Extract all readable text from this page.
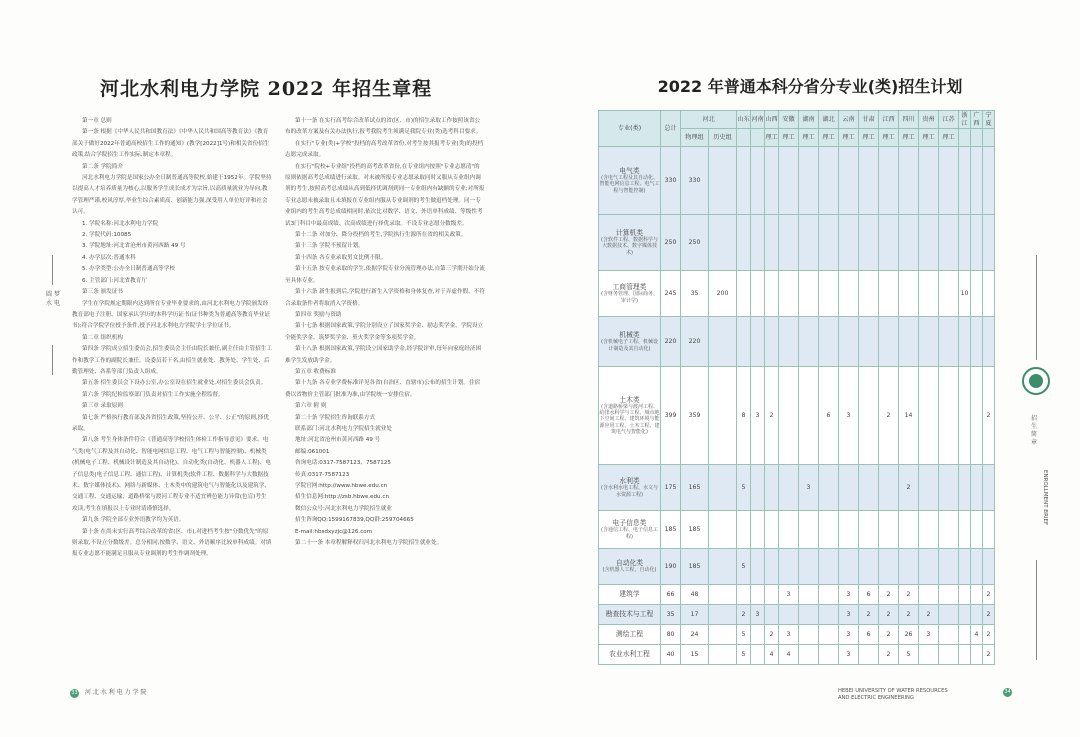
河北水利电力学院 2022 年招生章程

第一章 总则

第一条 根据《中华人民共和国教育法》《中华人民共和国高等教育法》《教育部关于做好2022年普通高校招生工作的通知》(教学[2022]1号)和相关省份招生政策,结合学院招生工作实际,制定本章程。

第二条 学院简介

河北水利电力学院是国家公办全日制普通高等院校,始建于1952年。学院坚持以提高人才培养质量为核心,以服务学生成长成才为宗旨,以高质量就业为导向,教学管理严谨,校风淳厚,毕业生综合素质高、创新能力强,深受用人单位好评和社会认可。

1. 学院名称:河北水利电力学院

2. 学院代码:10085

3. 学院地址:河北省沧州市黄河西路 49 号

4. 办学层次:普通本科

5. 办学类型:公办全日制普通高等学校

6. 主管部门:河北省教育厅

第三条 颁发证书

学生在学院规定期限内达到所在专业毕业要求的,由河北水利电力学院颁发经教育部电子注册、国家承认学历的本科学历证书(证书种类为普通高等教育毕业证书);符合学院学位授予条件,授予河北水利电力学院学士学位证书。

第二章 组织机构

第四条 学院成立招生委员会,招生委员会主任由院长兼任,副主任由主管招生工作和教学工作的副院长兼任。设委员若干名,由招生就业处、教务处、学生处、后勤管理处、各系等部门负责人组成。

第五条 招生委员会下设办公室,办公室设在招生就业处,对招生委员会负责。

第六条 学院纪检监察部门负责对招生工作实施全程监督。

第三章 录取原则

第七条 严格执行教育部及各省招生政策,坚持公开、公平、公正"的原则,择优录取。

第八条 考生身体条件符合《普通高等学校招生体检工作指导意见》要求。电气类(电气工程及其自动化、智能电网信息工程、电气工程与智能控制)、机械类(机械电子工程、机械设计制造及其自动化)、自动化类(自动化、机器人工程)、电子信息类(电子信息工程、通信工程)、计算机类(软件工程、数据科学与大数据技术、数字媒体技术)、网络与新媒体、土木类中的建筑电气与智能化以及建筑学、交通工程、交通运输、道路桥梁与渡河工程专业不适宜辨色能力异常(色盲)考生攻读,考生在填报以上专业时请谨慎选择。

第九条 学院全部专业外语教学均为英语。

第十条 在尚未实行高考综合改革的省(区、市),对进档考生按"分数优先"的原则录取,不设立分数级差。总分相同,按数学、语文、外语顺序比较单科成绩。对填报专业志愿不能满足且服从专业调剂的考生作调剂处理。

第十一条 在实行高考综合改革试点的省(区、市)的招生录取工作按照该省公布的改革方案及有关办法执行,报考我院考生须满足我院专业(类)选考科目要求。

在实行"专业(类)+学校"投档的高考改革省份,对考生按其报考专业(类)的投档志愿完成录取。

在实行"院校+专业组"投档的高考改革省份,在专业组内按照"专业志愿清"的原则依据高考总成绩进行录取。对未被所报专业志愿录取同时又服从专业组内调剂的考生,按照高考总成绩从高到低择优调剂到同一专业组内有缺额的专业;对所报专业志愿未被录取且未填报在专业组内服从专业调剂的考生做退档处理。同一专业组内的考生高考总成绩相同时,依次比对数学、语文、外语单科成绩、等级性考试3门科目中最高成绩、次高成绩进行择优录取。不设专业志愿分数级差。

第十二条 对加分、降分投档的考生,学院执行生源所在省的相关政策。

第十三条 学院不预留计划。

第十四条 各专业录取男女比例不限。

第十五条 按专业录取的学生,依据学院专业分流管理办法,自第三学期开始分流至具体专业。

第十六条 新生报到后,学院进行新生入学资格和身体复查,对于弄虚作假、不符合录取条件者将取消入学资格。

第四章 奖励与资助

第十七条 根据国家政策,学院分别设立了国家奖学金、励志奖学金、学院设立全能奖学金、筑梦奖学金、堇火奖学金等多项奖学金。

第十八条 根据国家政策,学院设立国家助学金,经学院评审,每年向家庭经济困难学生发放助学金。

第五章 收费标准

第十九条 各专业学费标准详见各省(自治区、直辖市)公布的招生计划。住宿费以省物价主管部门批准为准,由学院统一安排住宿。

第六章 附 则

第二十条 学院招生咨询联系方式

联系部门:河北水利电力学院招生就业处

地址:河北省沧州市黄河西路 49 号

邮编:061001

咨询电话:0317-7587123、7587125

传真:0317-7587123

学院官网:http://www.hbwe.edu.cn

招生信息网:http://zsb.hbwe.edu.cn

微信公众号:河北水利电力学院招生就业

招生咨询QQ:1599167839,QQ群:259704665

E-mail:hbsdxyzjc@126.com

第二十一条 本章程解释权归河北水利电力学院招生就业处。

圆 梦 水 电
33 河 北 水 利 电 力 学 院
2022 年普通本科分省分专业(类)招生计划
专业(类)	总计	河北		山东	河南	山西	安徽	湖南	湖北	云南	甘肃	江西	四川	贵州	江苏	浙江	广西	宁夏
		物理组	历史组			理工	理工	理工	理工	理工	理工	理工	理工	理工	理工			

电气类
(含电气工程及其自动化、智能电网信息工程、电气工程与智能控制)	330	330																

计算机类
(含软件工程、数据科学与大数据技术、数字媒体技术)	250	250																

工商管理类
(含财务管理、国际商务、审计学)	245	35	200													10		

机械类
(含机械电子工程、机械设计制造及其自动化)	220	220																

土木类
(含道路桥梁与渡河工程、给排水科学与工程、城市地下空间工程、建筑环境与能源应用工程、土木工程、建筑电气与智能化)	399	359		8	3	2			6	3		2	14					2

水利类
(含水利水电工程、水文与水资源工程)	175	165		5				3					2					

电子信息类
(含通信工程、电子信息工程)	185	185																

自动化类
(含机器人工程、自动化)	190	185		5														

建筑学	66	48					3			3	6	2	2					2

勘查技术与工程	35	17		2	3					3	2	2	2	2				2

测绘工程	80	24		5		2	3			3	6	2	26	3			4	2

农业水利工程	40	15		5		4	4			3		2	5					2
招 生 简 章
ENROLLMENT BRIEF
HEBEI UNIVERSITY OF WATER RESOURCES
AND ELECTRIC ENGINEERING
34
